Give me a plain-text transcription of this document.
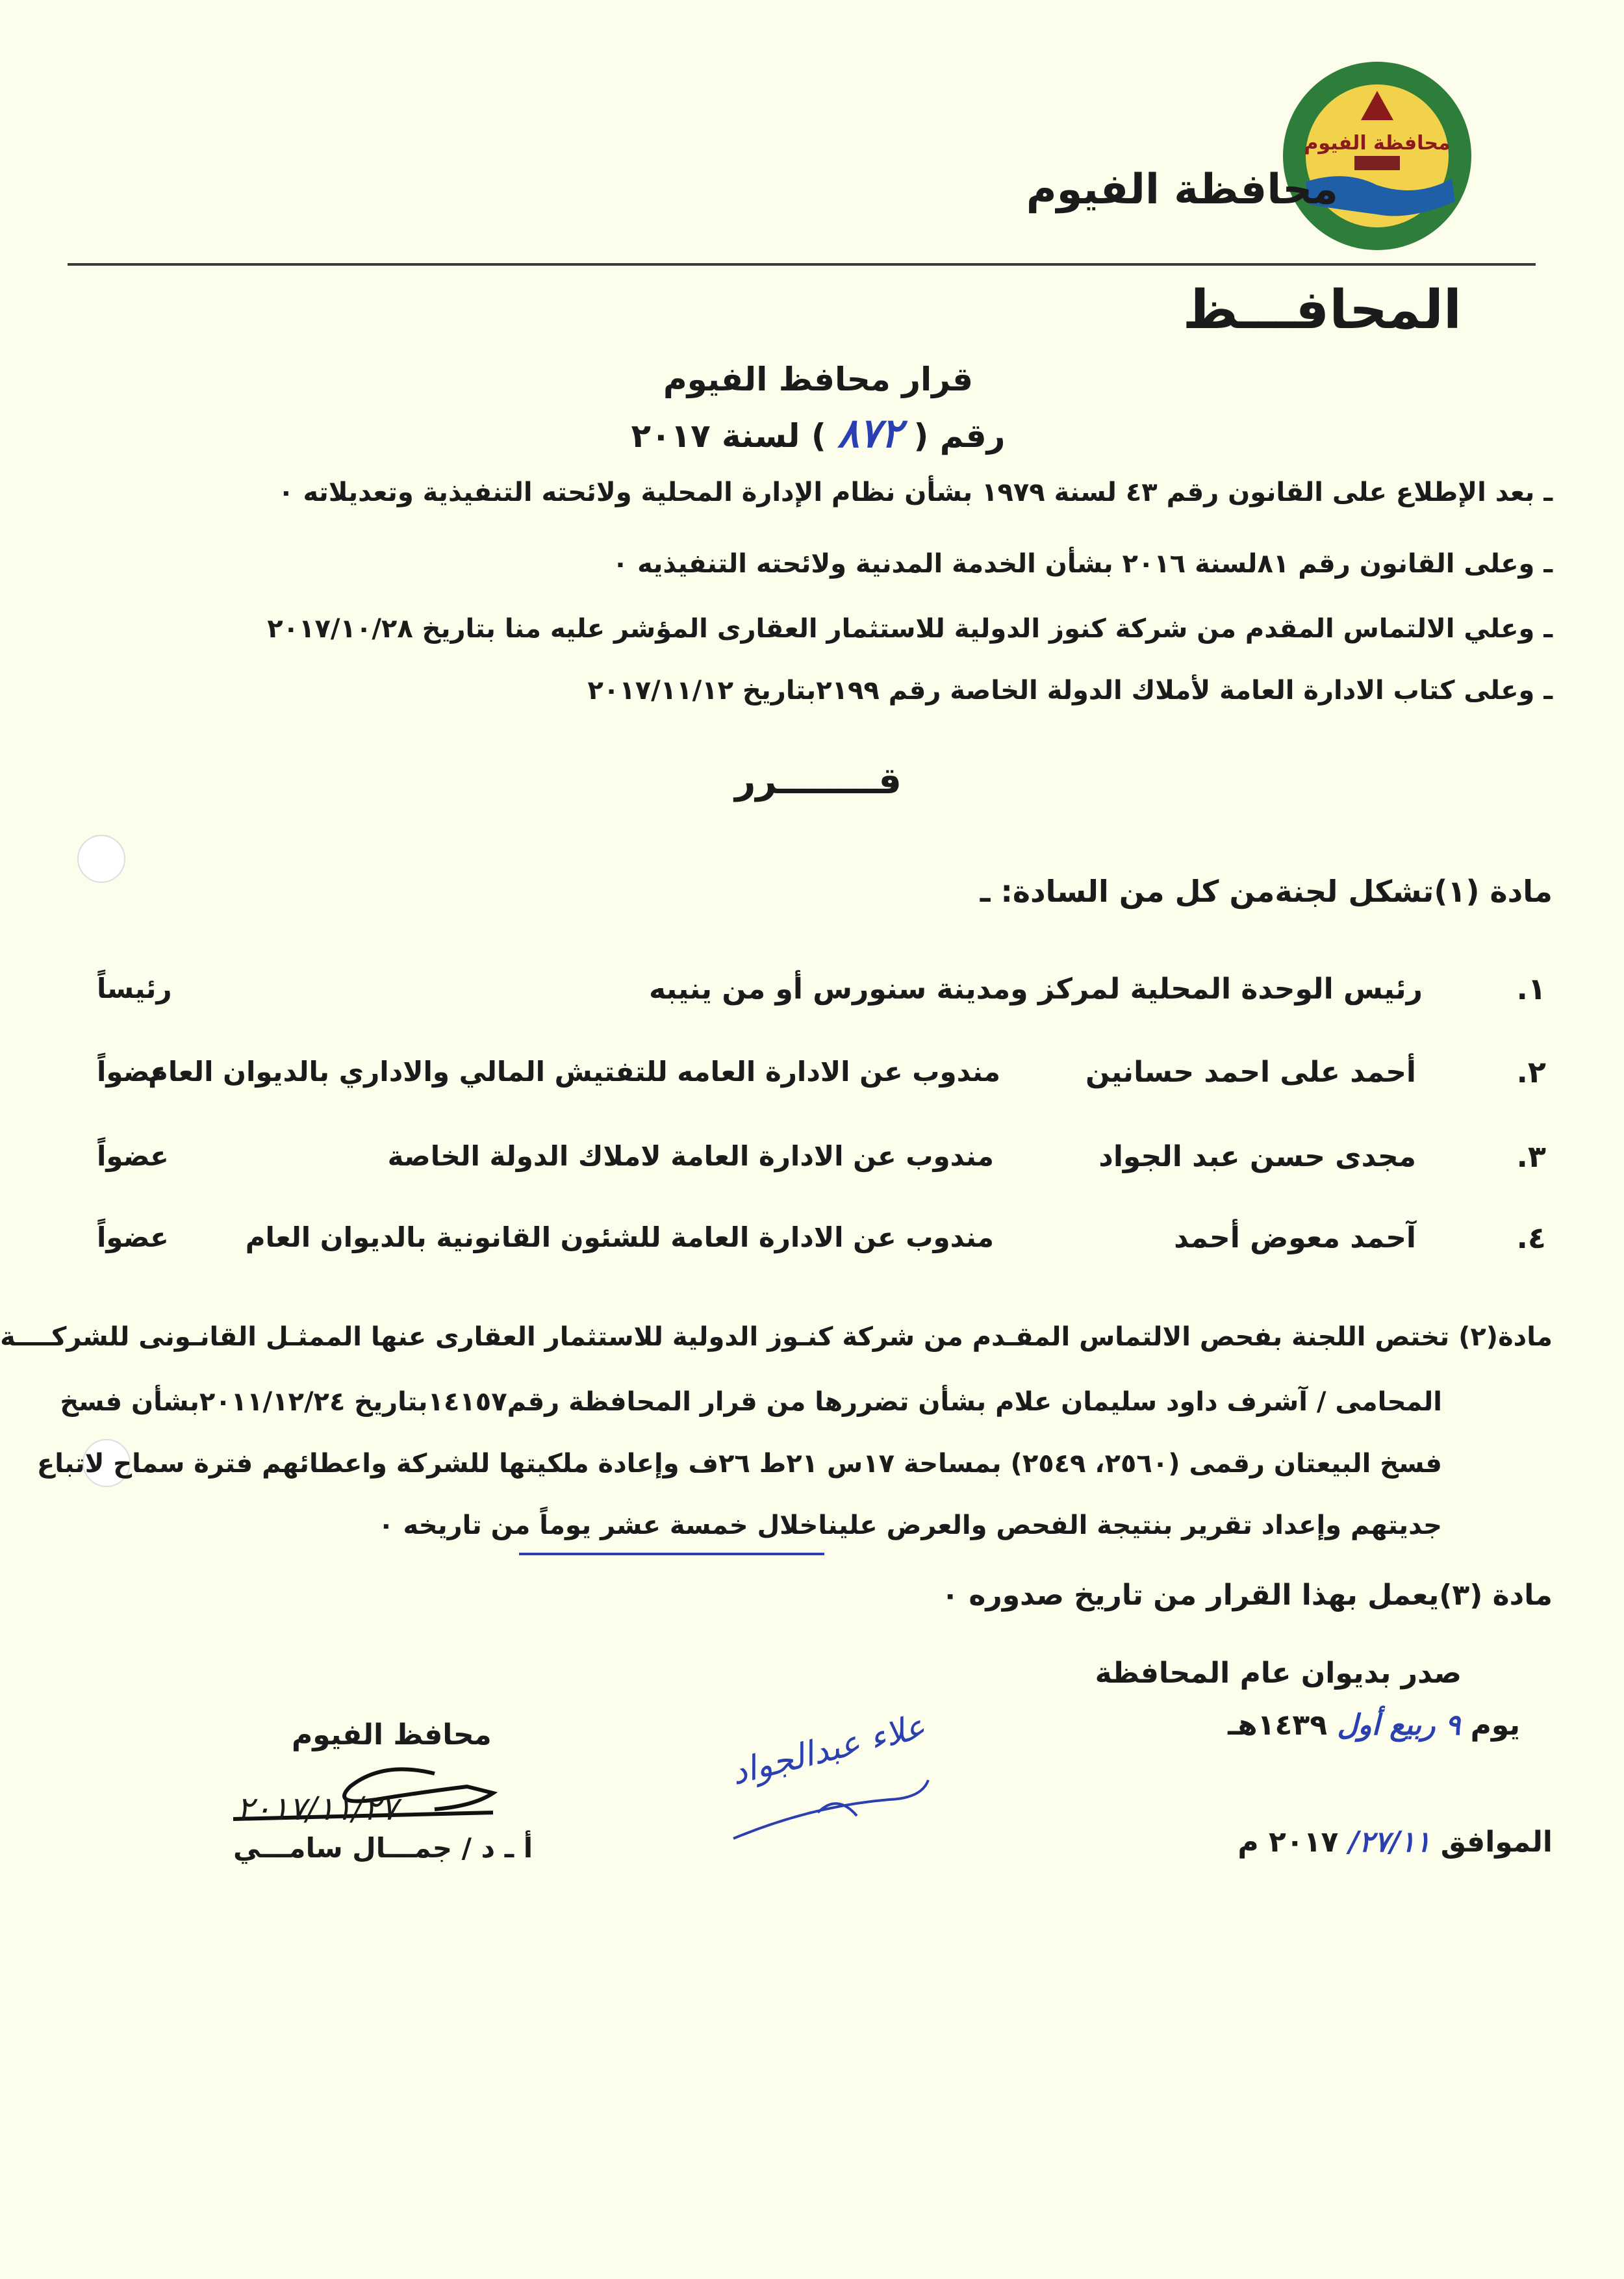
محافظة الفيوم
محافظة الفيوم
المحافـــظ
قرار محافظ الفيوم
رقم ( ٨٧٢ ) لسنة ٢٠١٧
ـ بعد الإطلاع على القانون رقم ٤٣ لسنة ١٩٧٩ بشأن نظام الإدارة المحلية ولائحته التنفيذية وتعديلاته ٠
ـ وعلى القانون رقم ٨١لسنة ٢٠١٦ بشأن الخدمة المدنية ولائحته التنفيذيه ٠
ـ وعلي الالتماس المقدم من شركة كنوز الدولية للاستثمار العقارى المؤشر عليه منا بتاريخ ٢٠١٧/١٠/٢٨
ـ وعلى كتاب الادارة العامة لأملاك الدولة الخاصة رقم ٢١٩٩بتاريخ ٢٠١٧/١١/١٢
قــــــــرر
مادة (١)تشكل لجنةمن كل من السادة: ـ
١.
رئيس الوحدة المحلية لمركز ومدينة سنورس أو من ينيبه
رئيساً
٢.
أحمد على احمد حسانين
مندوب عن الادارة العامه للتفتيش المالي والاداري بالديوان العام
عضواً
٣.
مجدى حسن عبد الجواد
مندوب عن الادارة العامة لاملاك الدولة الخاصة
عضواً
٤.
آحمد معوض أحمد
مندوب عن الادارة العامة للشئون القانونية بالديوان العام
عضواً
مادة(٢) تختص اللجنة بفحص الالتماس المقـدم من شركة كنـوز الدولية للاستثمار العقارى عنها الممثـل القانـونى للشركــــة
المحامى / آشرف داود سليمان علام بشأن تضررها من قرار المحافظة رقم١٤١٥٧بتاريخ ٢٠١١/١٢/٢٤بشأن فسخ
فسخ البيعتان رقمى (٢٥٦٠، ٢٥٤٩) بمساحة ١٧س ٢١ط ٢٦ف وإعادة ملكيتها للشركة واعطائهم فترة سماح لاتباع
جديتهم وإعداد تقرير بنتيجة الفحص والعرض عليناخلال خمسة عشر يوماً من تاريخه ٠
مادة (٣)يعمل بهذا القرار من تاريخ صدوره ٠
صدر بديوان عام المحافظة
يوم ٩ ربيع أول ١٤٣٩هـ
الموافق ٢٧/١١/ ٢٠١٧ م
علاء عبدالجواد
محافظ الفيوم
٢٠١٧/١١/٢٧
أ ـ د / جمـــال سامـــي
